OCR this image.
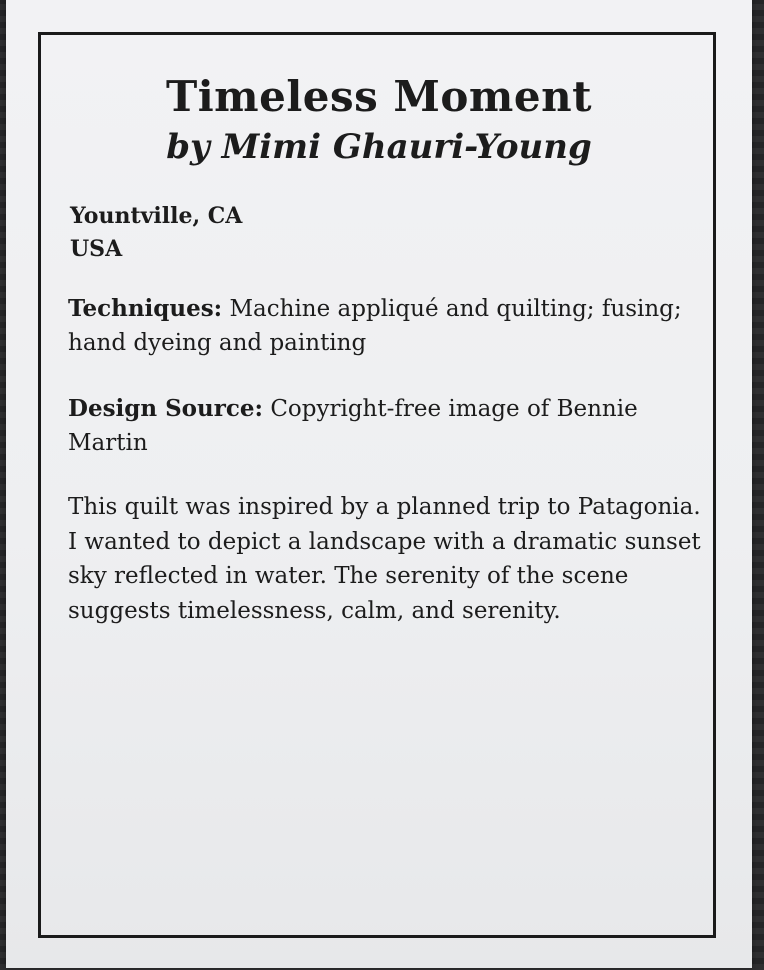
Timeless Moment
by Mimi Ghauri-Young
Yountville, CA
USA
Techniques: Machine appliqué and quilting; fusing; hand dyeing and painting
Design Source: Copyright-free image of Bennie Martin
This quilt was inspired by a planned trip to Patagonia. I wanted to depict a landscape with a dramatic sunset sky reflected in water. The serenity of the scene suggests timelessness, calm, and serenity.
